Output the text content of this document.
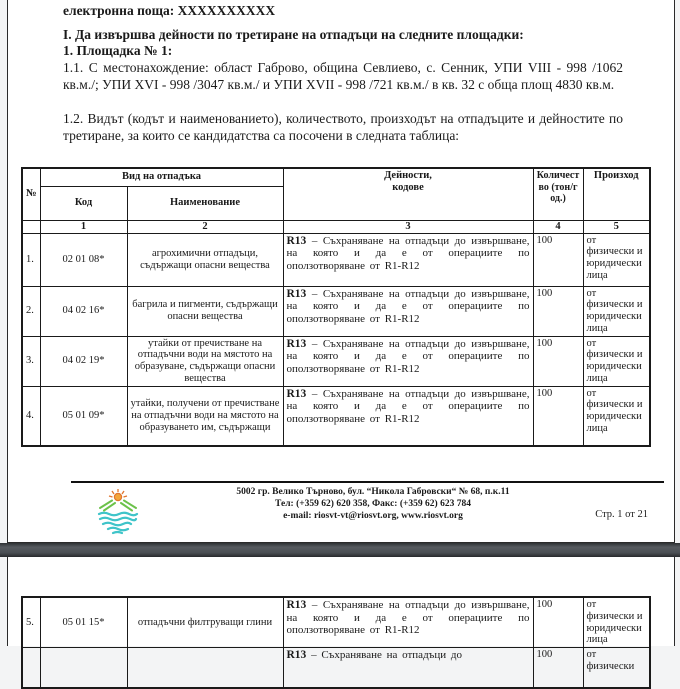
електронна поща: XXXXXXXXXX
I. Да извършва дейности по третиране на отпадъци на следните площадки:
1. Площадка № 1:
1.1. С местонахождение: област Габрово, община Севлиево, с. Сенник, УПИ VIII - 998 /1062 кв.м./; УПИ XVI - 998 /3047 кв.м./ и УПИ XVII - 998 /721 кв.м./ в кв. 32 с обща площ 4830 кв.м.
1.2. Видът (кодът и наименованието), количеството, произходът на отпадъците и дейностите по третиране, за които се кандидатства са посочени в следната таблица:
№	Вид на отпадъка		Дейности,
кодове	Количество (тон/год.)	Произход
	Код	Наименование			
	1	2	3	4	5
1.	02 01 08*	агрохимични отпадъци, съдържащи опасни вещества	R13 – Съхраняване на отпадъци до извършване, на която и да е от операциите по оползотворяване от R1-R12	100	от физически и юридически лица
2.	04 02 16*	багрила и пигменти, съдържащи опасни вещества	R13 – Съхраняване на отпадъци до извършване, на която и да е от операциите по оползотворяване от R1-R12	100	от физически и юридически лица
3.	04 02 19*	утайки от пречистване на отпадъчни води на мястото на образуване, съдържащи опасни вещества	R13 – Съхраняване на отпадъци до извършване, на която и да е от операциите по оползотворяване от R1-R12	100	от физически и юридически лица
4.	05 01 09*	утайки, получени от пречистване на отпадъчни води на мястото на образуването им, съдържащи	R13 – Съхраняване на отпадъци до извършване, на която и да е от операциите по оползотворяване от R1-R12	100	от физически и юридически лица
5002 гр. Велико Търново, бул. “Никола Габровски“ № 68, п.к.11
Тел: (+359 62) 620 358, Факс: (+359 62) 623 784
e-mail: riosvt-vt@riosvt.org, www.riosvt.org	Стр. 1 от 21
5.	05 01 15*	отпадъчни филтруващи глини	R13 – Съхраняване на отпадъци до извършване, на която и да е от операциите по оползотворяване от R1-R12	100	от физически и юридически лица
			R13 – Съхраняване на отпадъци до	100	от физически
